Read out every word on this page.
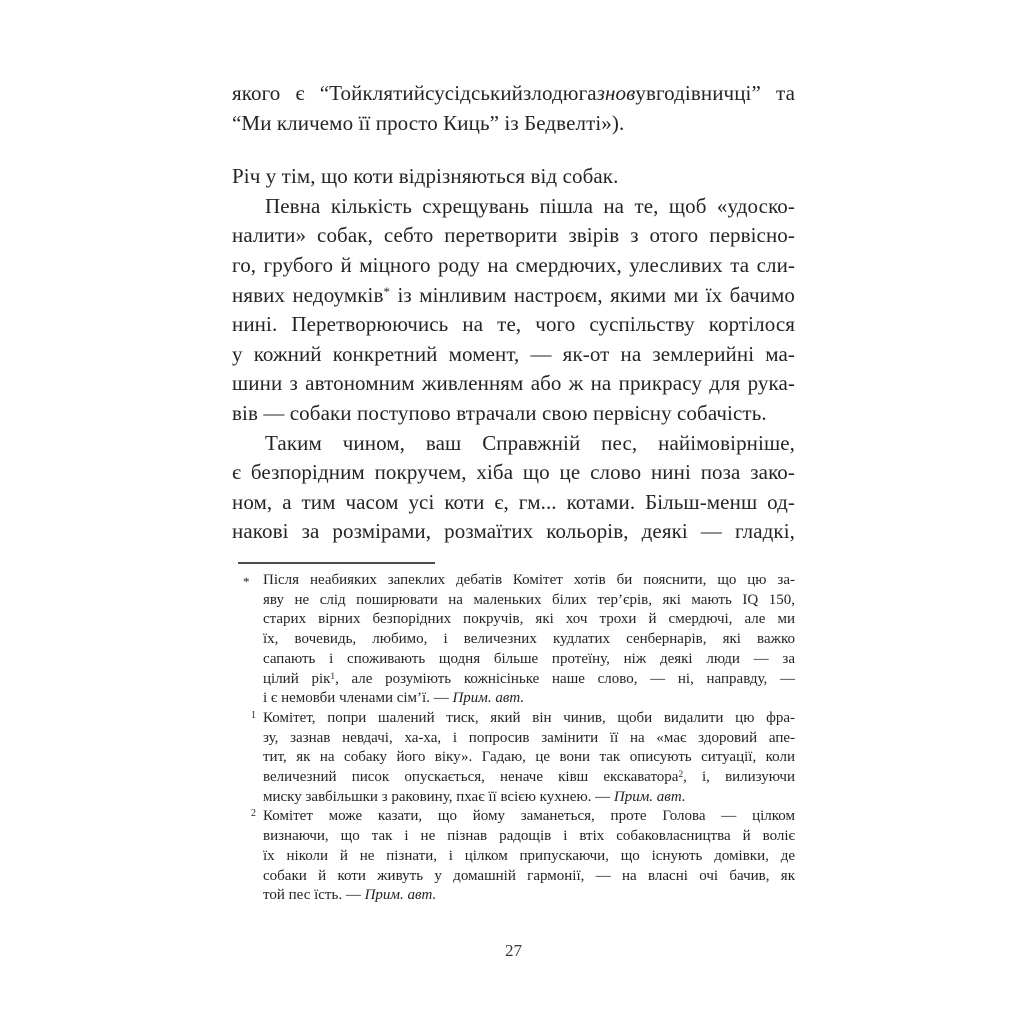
якого є “Тойклятийсусідськийзлодюгазновувгодівничці” та
“Ми кличемо її просто Киць” із Бедвелті»).
Річ у тім, що коти відрізняються від собак.
Певна кількість схрещувань пішла на те, щоб «удоско-
налити» собак, себто перетворити звірів з отого первісно-
го, грубого й міцного роду на смердючих, улесливих та сли-
нявих недоумків* із мінливим настроєм, якими ми їх бачимо
нині. Перетворюючись на те, чого суспільству кортілося
у кожний конкретний момент, — як-от на землерийні ма-
шини з автономним живленням або ж на прикрасу для рука-
вів — собаки поступово втрачали свою первісну собачість.
Таким чином, ваш Справжній пес, найімовірніше,
є безпорідним покручем, хіба що це слово нині поза зако-
ном, а тим часом усі коти є, гм... котами. Більш-менш од-
накові за розмірами, розмаїтих кольорів, деякі — гладкі,
* Після неабияких запеклих дебатів Комітет хотів би пояснити, що цю за-
яву не слід поширювати на маленьких білих тер’єрів, які мають IQ 150,
старих вірних безпорідних покручів, які хоч трохи й смердючі, але ми
їх, вочевидь, любимо, і величезних кудлатих сенбернарів, які важко
сапають і споживають щодня більше протеїну, ніж деякі люди — за
цілий рік$^1$, але розуміють кожнісіньке наше слово, — ні, направду, —
і є немовби членами сім’ї. — Прим. авт.
1 Комітет, попри шалений тиск, який він чинив, щоби видалити цю фра-
зу, зазнав невдачі, ха-ха, і попросив замінити її на «має здоровий апе-
тит, як на собаку його віку». Гадаю, це вони так описують ситуації, коли
величезний писок опускається, неначе ківш екскаватора$^2$, і, вилизуючи
миску завбільшки з раковину, пхає її всією кухнею. — Прим. авт.
2 Комітет може казати, що йому заманеться, проте Голова — цілком
визнаючи, що так і не пізнав радощів і втіх собаковласництва й воліє
їх ніколи й не пізнати, і цілком припускаючи, що існують домівки, де
собаки й коти живуть у домашній гармонії, — на власні очі бачив, як
той пес їсть. — Прим. авт.
27
